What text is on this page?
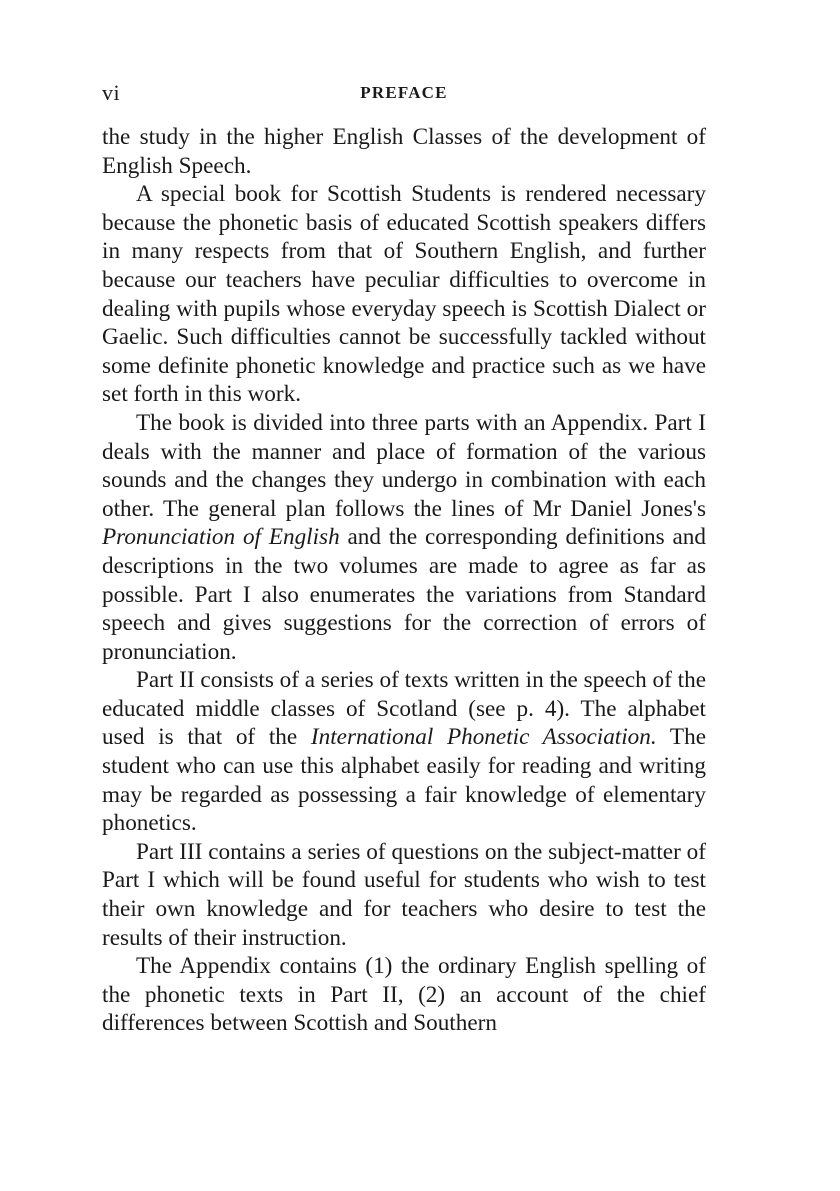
vi	PREFACE

the study in the higher English Classes of the development of English Speech.

A special book for Scottish Students is rendered necessary because the phonetic basis of educated Scottish speakers differs in many respects from that of Southern English, and further because our teachers have peculiar difficulties to overcome in dealing with pupils whose everyday speech is Scottish Dialect or Gaelic. Such difficulties cannot be successfully tackled without some definite phonetic knowledge and practice such as we have set forth in this work.

The book is divided into three parts with an Appendix. Part I deals with the manner and place of formation of the various sounds and the changes they undergo in combination with each other. The general plan follows the lines of Mr Daniel Jones's Pronunciation of English and the corresponding definitions and descriptions in the two volumes are made to agree as far as possible. Part I also enumerates the variations from Standard speech and gives suggestions for the correction of errors of pronunciation.

Part II consists of a series of texts written in the speech of the educated middle classes of Scotland (see p. 4). The alphabet used is that of the International Phonetic Association. The student who can use this alphabet easily for reading and writing may be regarded as possessing a fair knowledge of elementary phonetics.

Part III contains a series of questions on the subject-matter of Part I which will be found useful for students who wish to test their own knowledge and for teachers who desire to test the results of their instruction.

The Appendix contains (1) the ordinary English spelling of the phonetic texts in Part II, (2) an account of the chief differences between Scottish and Southern
